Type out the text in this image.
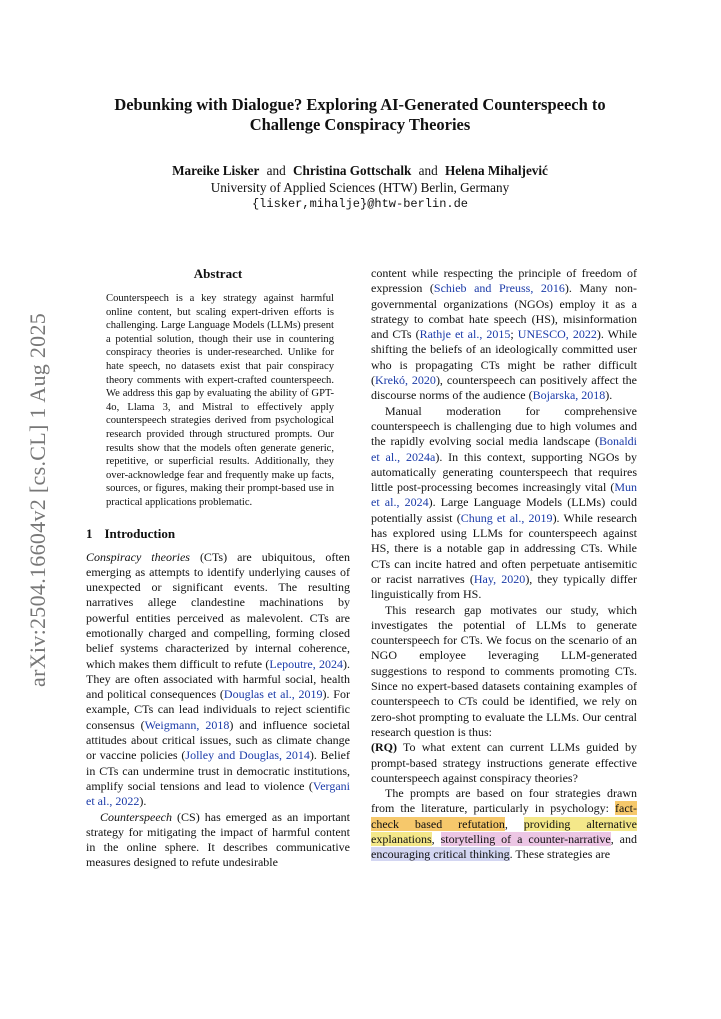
arXiv:2504.16604v2 [cs.CL] 1 Aug 2025
Debunking with Dialogue? Exploring AI-Generated Counterspeech to
Challenge Conspiracy Theories
Mareike Lisker and Christina Gottschalk and Helena Mihaljević
University of Applied Sciences (HTW) Berlin, Germany
{lisker,mihalje}@htw-berlin.de
Abstract
Counterspeech is a key strategy against harmful online content, but scaling expert-driven efforts is challenging. Large Language Models (LLMs) present a potential solution, though their use in countering conspiracy theories is under-researched. Unlike for hate speech, no datasets exist that pair conspiracy theory comments with expert-crafted counterspeech. We address this gap by evaluating the ability of GPT-4o, Llama 3, and Mistral to effectively apply counterspeech strategies derived from psychological research provided through structured prompts. Our results show that the models often generate generic, repetitive, or superficial results. Additionally, they over-acknowledge fear and frequently make up facts, sources, or figures, making their prompt-based use in practical applications problematic.
1 Introduction

Conspiracy theories (CTs) are ubiquitous, often emerging as attempts to identify underlying causes of unexpected or significant events. The resulting narratives allege clandestine machinations by powerful entities perceived as malevolent. CTs are emotionally charged and compelling, forming closed belief systems characterized by internal coherence, which makes them difficult to refute (Lepoutre, 2024). They are often associated with harmful social, health and political consequences (Douglas et al., 2019). For example, CTs can lead individuals to reject scientific consensus (Weigmann, 2018) and influence societal attitudes about critical issues, such as climate change or vaccine policies (Jolley and Douglas, 2014). Belief in CTs can undermine trust in democratic institutions, amplify social tensions and lead to violence (Vergani et al., 2022).

Counterspeech (CS) has emerged as an important strategy for mitigating the impact of harmful content in the online sphere. It describes communicative measures designed to refute undesirable

content while respecting the principle of freedom of expression (Schieb and Preuss, 2016). Many non-governmental organizations (NGOs) employ it as a strategy to combat hate speech (HS), misinformation and CTs (Rathje et al., 2015; UNESCO, 2022). While shifting the beliefs of an ideologically committed user who is propagating CTs might be rather difficult (Krekó, 2020), counterspeech can positively affect the discourse norms of the audience (Bojarska, 2018).

Manual moderation for comprehensive counterspeech is challenging due to high volumes and the rapidly evolving social media landscape (Bonaldi et al., 2024a). In this context, supporting NGOs by automatically generating counterspeech that requires little post-processing becomes increasingly vital (Mun et al., 2024). Large Language Models (LLMs) could potentially assist (Chung et al., 2019). While research has explored using LLMs for counterspeech against HS, there is a notable gap in addressing CTs. While CTs can incite hatred and often perpetuate antisemitic or racist narratives (Hay, 2020), they typically differ linguistically from HS.

This research gap motivates our study, which investigates the potential of LLMs to generate counterspeech for CTs. We focus on the scenario of an NGO employee leveraging LLM-generated suggestions to respond to comments promoting CTs. Since no expert-based datasets containing examples of counterspeech to CTs could be identified, we rely on zero-shot prompting to evaluate the LLMs. Our central research question is thus:
(RQ) To what extent can current LLMs guided by prompt-based strategy instructions generate effective counterspeech against conspiracy theories?

The prompts are based on four strategies drawn from the literature, particularly in psychology: fact-check based refutation, providing alternative explanations, storytelling of a counter-narrative, and encouraging critical thinking. These strategies are
